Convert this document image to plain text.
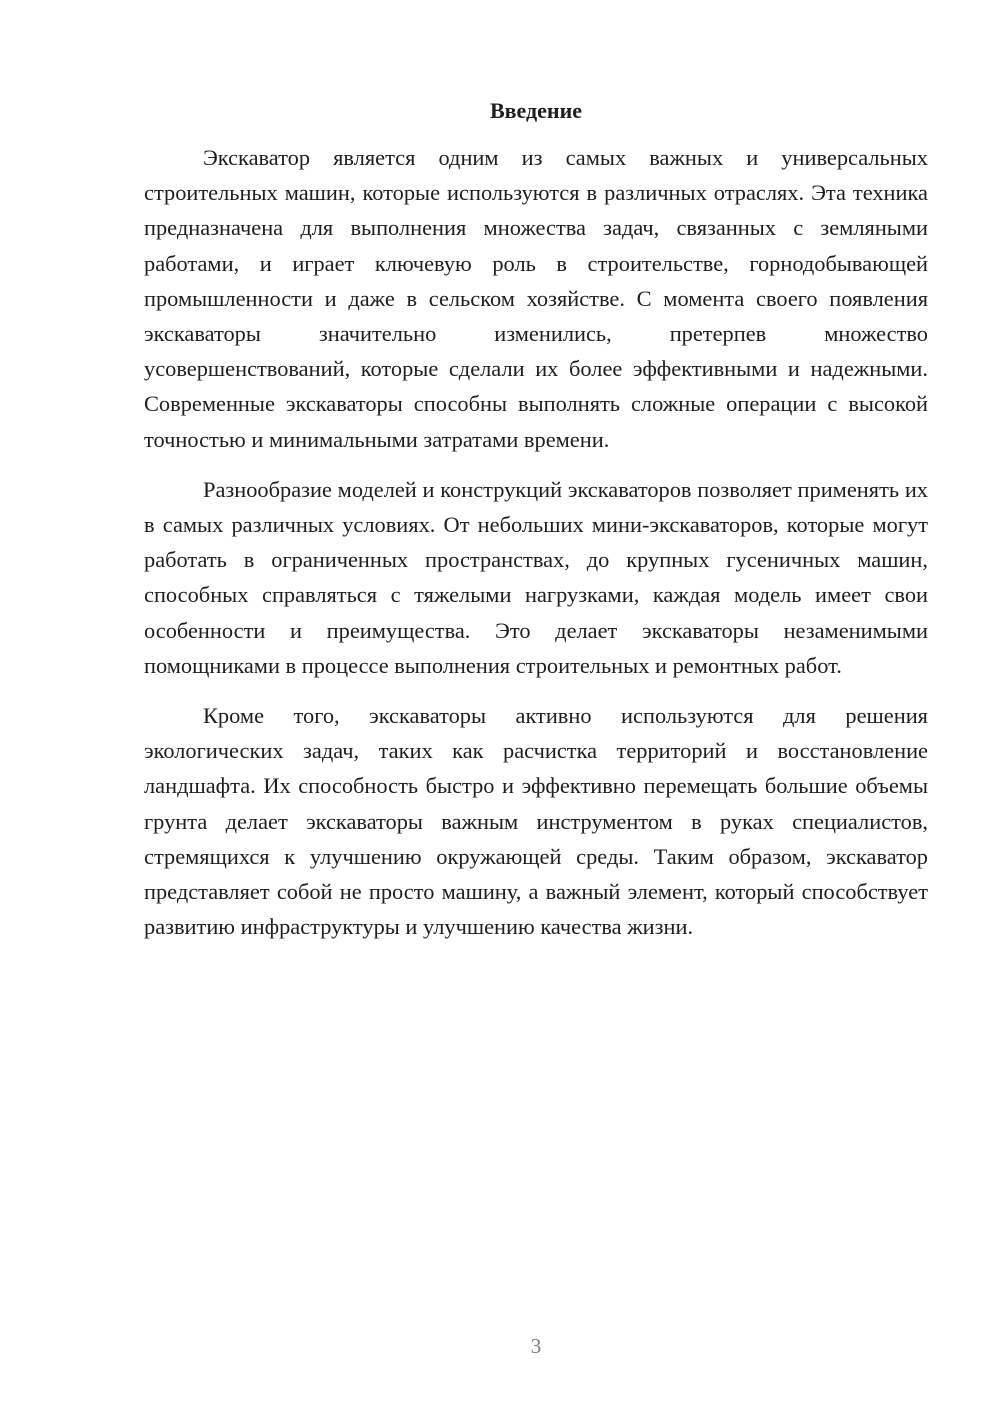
Введение

Экскаватор является одним из самых важных и универсальных строительных машин, которые используются в различных отраслях. Эта техника предназначена для выполнения множества задач, связанных с земляными работами, и играет ключевую роль в строительстве, горнодобывающей промышленности и даже в сельском хозяйстве. С момента своего появления экскаваторы значительно изменились, претерпев множество усовершенствований, которые сделали их более эффективными и надежными. Современные экскаваторы способны выполнять сложные операции с высокой точностью и минимальными затратами времени.

Разнообразие моделей и конструкций экскаваторов позволяет применять их в самых различных условиях. От небольших мини-экскаваторов, которые могут работать в ограниченных пространствах, до крупных гусеничных машин, способных справляться с тяжелыми нагрузками, каждая модель имеет свои особенности и преимущества. Это делает экскаваторы незаменимыми помощниками в процессе выполнения строительных и ремонтных работ.

Кроме того, экскаваторы активно используются для решения экологических задач, таких как расчистка территорий и восстановление ландшафта. Их способность быстро и эффективно перемещать большие объемы грунта делает экскаваторы важным инструментом в руках специалистов, стремящихся к улучшению окружающей среды. Таким образом, экскаватор представляет собой не просто машину, а важный элемент, который способствует развитию инфраструктуры и улучшению качества жизни.

3
